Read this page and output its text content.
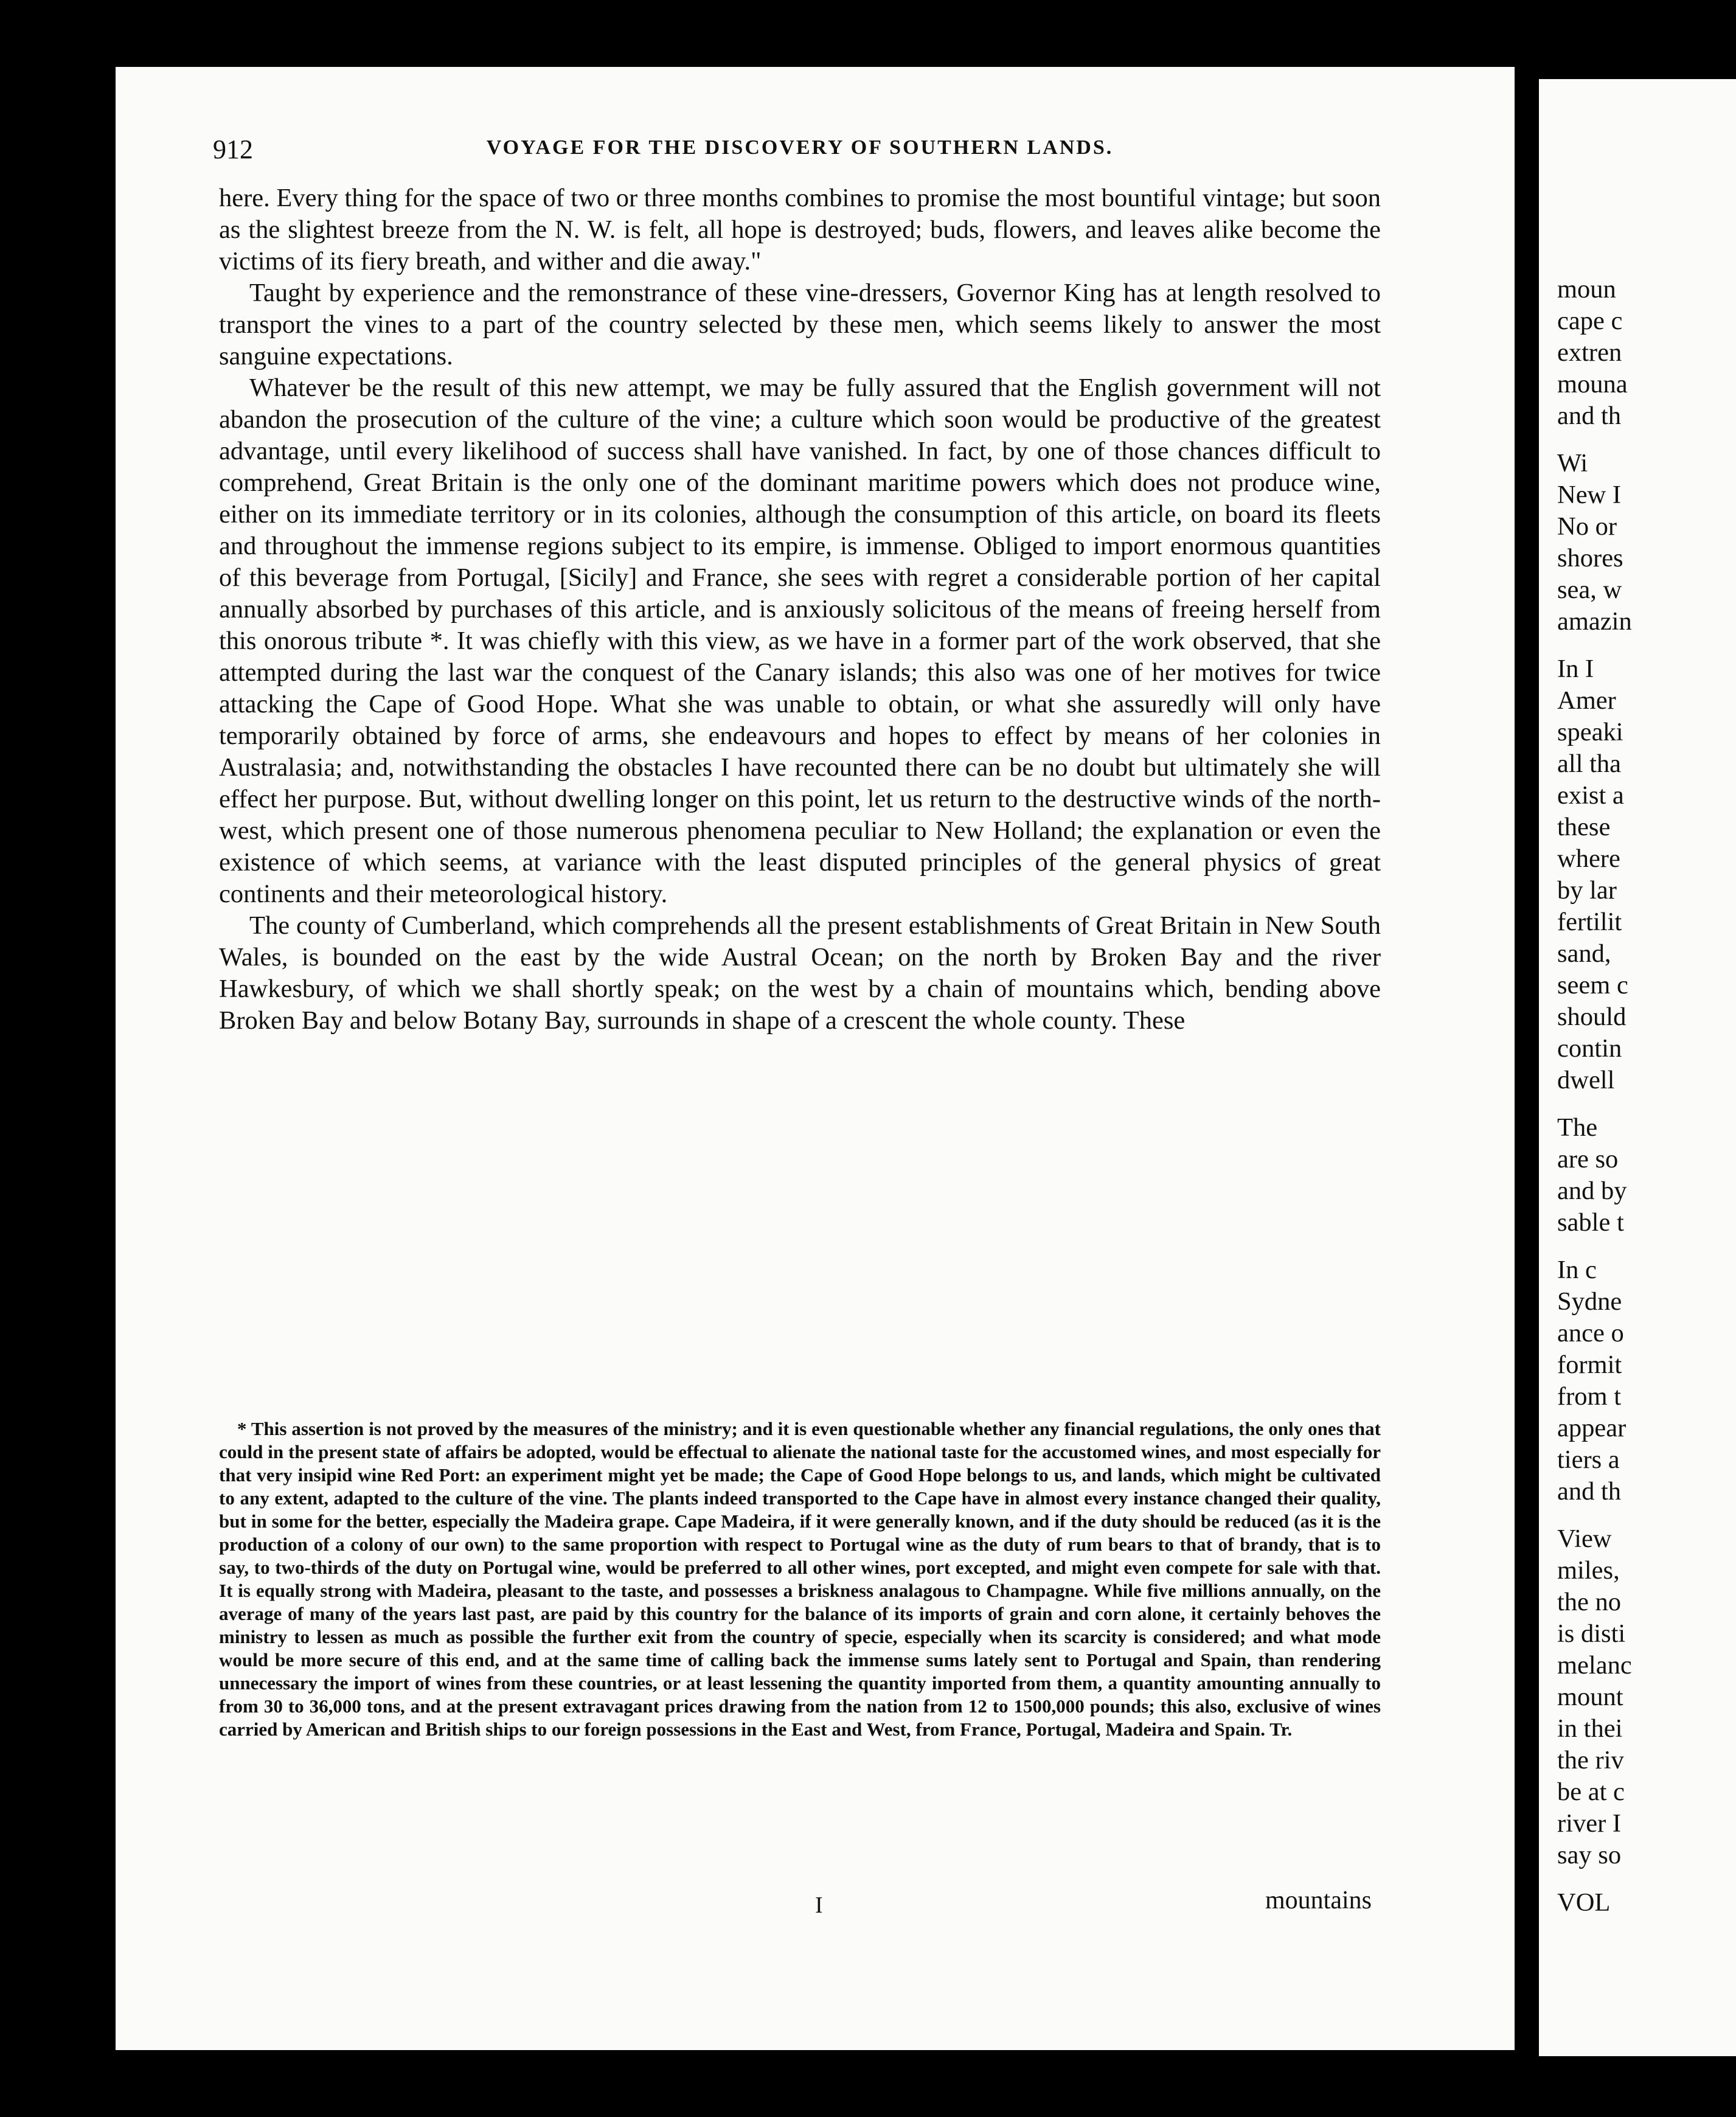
moun
cape c
extren
mouna
and th
Wi
New I
No or
shores
sea, w
amazin
In I
Amer
speaki
all tha
exist a
these
where
by lar
fertilit
sand,
seem c
should
contin
dwell
The
are so
and by
sable t
In c
Sydne
ance o
formit
from t
appear
tiers a
and th
View
miles,
the no
is disti
melanc
mount
in thei
the riv
be at c
river I
say so
VOL
912	VOYAGE FOR THE DISCOVERY OF SOUTHERN LANDS.

here. Every thing for the space of two or three months combines to promise the most bountiful vintage; but soon as the slightest breeze from the N. W. is felt, all hope is destroyed; buds, flowers, and leaves alike become the victims of its fiery breath, and wither and die away."

Taught by experience and the remonstrance of these vine-dressers, Governor King has at length resolved to transport the vines to a part of the country selected by these men, which seems likely to answer the most sanguine expectations.

Whatever be the result of this new attempt, we may be fully assured that the English government will not abandon the prosecution of the culture of the vine; a culture which soon would be productive of the greatest advantage, until every likelihood of success shall have vanished. In fact, by one of those chances difficult to comprehend, Great Britain is the only one of the dominant maritime powers which does not produce wine, either on its immediate territory or in its colonies, although the consumption of this article, on board its fleets and throughout the immense regions subject to its empire, is immense. Obliged to import enormous quantities of this beverage from Portugal, [Sicily] and France, she sees with regret a considerable portion of her capital annually absorbed by purchases of this article, and is anxiously solicitous of the means of freeing herself from this onorous tribute *. It was chiefly with this view, as we have in a former part of the work observed, that she attempted during the last war the conquest of the Canary islands; this also was one of her motives for twice attacking the Cape of Good Hope. What she was unable to obtain, or what she assuredly will only have temporarily obtained by force of arms, she endeavours and hopes to effect by means of her colonies in Australasia; and, notwithstanding the obstacles I have recounted there can be no doubt but ultimately she will effect her purpose. But, without dwelling longer on this point, let us return to the destructive winds of the north-west, which present one of those numerous phenomena peculiar to New Holland; the explanation or even the existence of which seems, at variance with the least disputed principles of the general physics of great continents and their meteorological history.

The county of Cumberland, which comprehends all the present establishments of Great Britain in New South Wales, is bounded on the east by the wide Austral Ocean; on the north by Broken Bay and the river Hawkesbury, of which we shall shortly speak; on the west by a chain of mountains which, bending above Broken Bay and below Botany Bay, surrounds in shape of a crescent the whole county. These

* This assertion is not proved by the measures of the ministry; and it is even questionable whether any financial regulations, the only ones that could in the present state of affairs be adopted, would be effectual to alienate the national taste for the accustomed wines, and most especially for that very insipid wine Red Port: an experiment might yet be made; the Cape of Good Hope belongs to us, and lands, which might be cultivated to any extent, adapted to the culture of the vine. The plants indeed transported to the Cape have in almost every instance changed their quality, but in some for the better, especially the Madeira grape. Cape Madeira, if it were generally known, and if the duty should be reduced (as it is the production of a colony of our own) to the same proportion with respect to Portugal wine as the duty of rum bears to that of brandy, that is to say, to two-thirds of the duty on Portugal wine, would be preferred to all other wines, port excepted, and might even compete for sale with that. It is equally strong with Madeira, pleasant to the taste, and possesses a briskness analagous to Champagne. While five millions annually, on the average of many of the years last past, are paid by this country for the balance of its imports of grain and corn alone, it certainly behoves the ministry to lessen as much as possible the further exit from the country of specie, especially when its scarcity is considered; and what mode would be more secure of this end, and at the same time of calling back the immense sums lately sent to Portugal and Spain, than rendering unnecessary the import of wines from these countries, or at least lessening the quantity imported from them, a quantity amounting annually to from 30 to 36,000 tons, and at the present extravagant prices drawing from the nation from 12 to 1500,000 pounds; this also, exclusive of wines carried by American and British ships to our foreign possessions in the East and West, from France, Portugal, Madeira and Spain. Tr.

I	mountains
